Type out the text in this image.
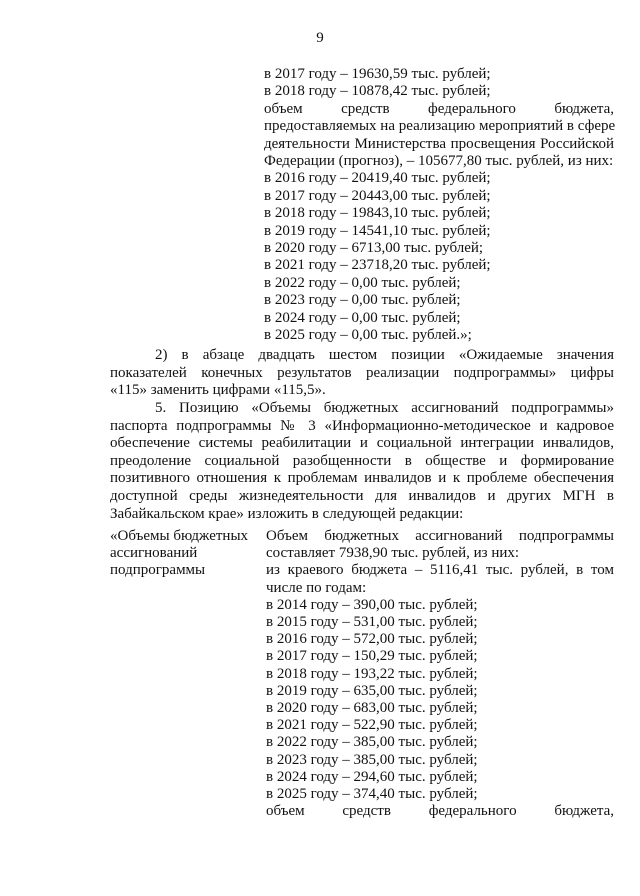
9
в 2017 году – 19630,59 тыс. рублей;
в 2018 году – 10878,42 тыс. рублей;
объем средств федерального бюджета,
предоставляемых на реализацию мероприятий в сфере
деятельности Министерства просвещения Российской
Федерации (прогноз), – 105677,80 тыс. рублей, из них:
в 2016 году – 20419,40 тыс. рублей;
в 2017 году – 20443,00 тыс. рублей;
в 2018 году – 19843,10 тыс. рублей;
в 2019 году – 14541,10 тыс. рублей;
в 2020 году – 6713,00 тыс. рублей;
в 2021 году – 23718,20 тыс. рублей;
в 2022 году – 0,00 тыс. рублей;
в 2023 году – 0,00 тыс. рублей;
в 2024 году – 0,00 тыс. рублей;
в 2025 году – 0,00 тыс. рублей.»;
2) в абзаце двадцать шестом позиции «Ожидаемые значения
показателей конечных результатов реализации подпрограммы» цифры
«115» заменить цифрами «115,5».
5. Позицию «Объемы бюджетных ассигнований подпрограммы»
паспорта подпрограммы № 3 «Информационно-методическое и кадровое
обеспечение системы реабилитации и социальной интеграции инвалидов,
преодоление социальной разобщенности в обществе и формирование
позитивного отношения к проблемам инвалидов и к проблеме обеспечения
доступной среды жизнедеятельности для инвалидов и других МГН в
Забайкальском крае» изложить в следующей редакции:
«Объемы бюджетных
ассигнований
подпрограммы
Объем бюджетных ассигнований подпрограммы
составляет 7938,90 тыс. рублей, из них:
из краевого бюджета – 5116,41 тыс. рублей, в том
числе по годам:
в 2014 году – 390,00 тыс. рублей;
в 2015 году – 531,00 тыс. рублей;
в 2016 году – 572,00 тыс. рублей;
в 2017 году – 150,29 тыс. рублей;
в 2018 году – 193,22 тыс. рублей;
в 2019 году – 635,00 тыс. рублей;
в 2020 году – 683,00 тыс. рублей;
в 2021 году – 522,90 тыс. рублей;
в 2022 году – 385,00 тыс. рублей;
в 2023 году – 385,00 тыс. рублей;
в 2024 году – 294,60 тыс. рублей;
в 2025 году – 374,40 тыс. рублей;
объем средств федерального бюджета,
